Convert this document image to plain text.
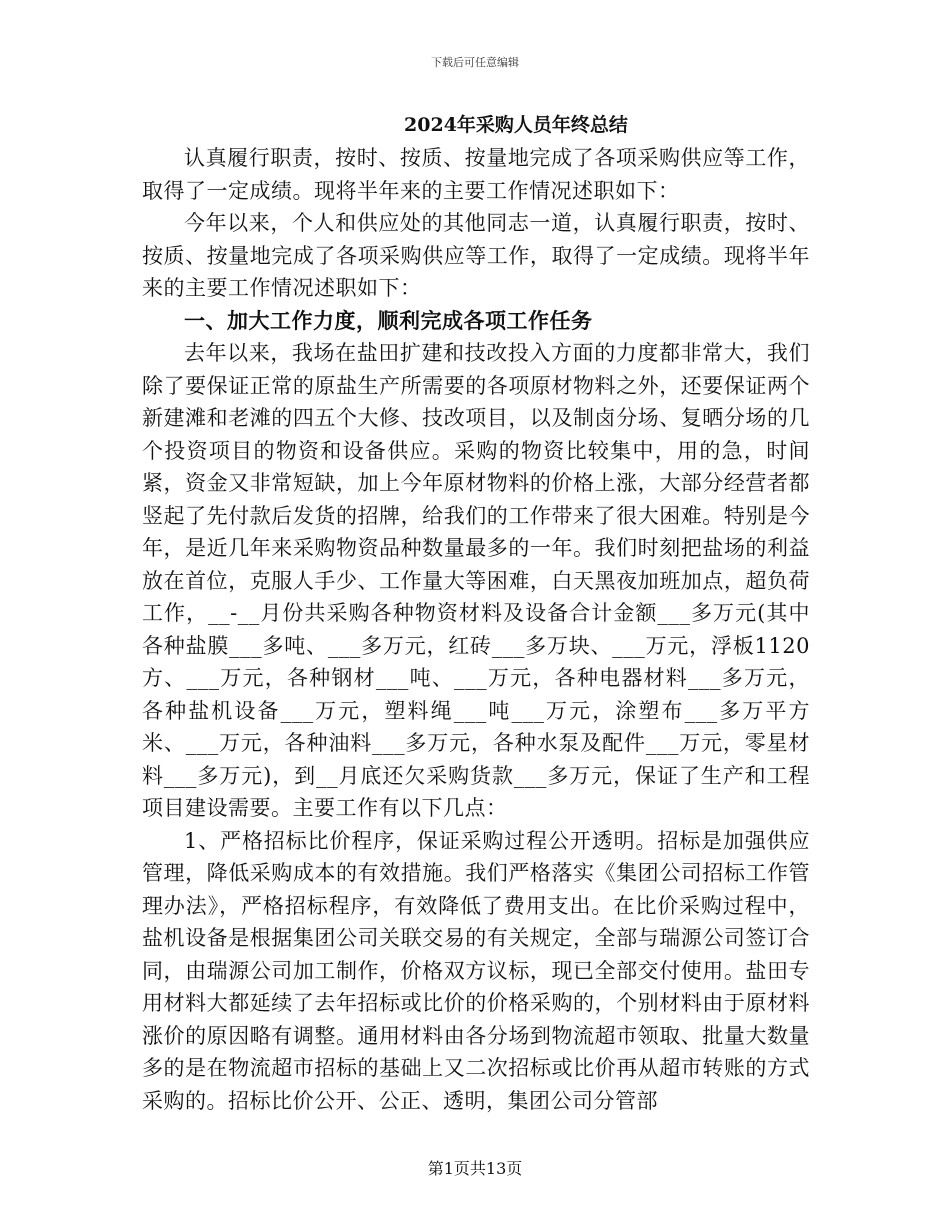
下载后可任意编辑
2024年采购人员年终总结

认真履行职责，按时、按质、按量地完成了各项采购供应等工作，取得了一定成绩。现将半年来的主要工作情况述职如下：

今年以来，个人和供应处的其他同志一道，认真履行职责，按时、按质、按量地完成了各项采购供应等工作，取得了一定成绩。现将半年来的主要工作情况述职如下：

一、加大工作力度，顺利完成各项工作任务

去年以来，我场在盐田扩建和技改投入方面的力度都非常大，我们除了要保证正常的原盐生产所需要的各项原材物料之外，还要保证两个新建滩和老滩的四五个大修、技改项目，以及制卤分场、复晒分场的几个投资项目的物资和设备供应。采购的物资比较集中，用的急，时间紧，资金又非常短缺，加上今年原材物料的价格上涨，大部分经营者都竖起了先付款后发货的招牌，给我们的工作带来了很大困难。特别是今年，是近几年来采购物资品种数量最多的一年。我们时刻把盐场的利益放在首位，克服人手少、工作量大等困难，白天黑夜加班加点，超负荷工作，__-__月份共采购各种物资材料及设备合计金额___多万元(其中各种盐膜___多吨、___多万元，红砖___多万块、___万元，浮板1120方、___万元，各种钢材___吨、___万元，各种电器材料___多万元，各种盐机设备___万元，塑料绳___吨___万元，涂塑布___多万平方米、___万元，各种油料___多万元，各种水泵及配件___万元，零星材料___多万元)，到__月底还欠采购货款___多万元，保证了生产和工程项目建设需要。主要工作有以下几点：

1、严格招标比价程序，保证采购过程公开透明。招标是加强供应管理，降低采购成本的有效措施。我们严格落实《集团公司招标工作管理办法》，严格招标程序，有效降低了费用支出。在比价采购过程中，盐机设备是根据集团公司关联交易的有关规定，全部与瑞源公司签订合同，由瑞源公司加工制作，价格双方议标，现已全部交付使用。盐田专用材料大都延续了去年招标或比价的价格采购的，个别材料由于原材料涨价的原因略有调整。通用材料由各分场到物流超市领取、批量大数量多的是在物流超市招标的基础上又二次招标或比价再从超市转账的方式采购的。招标比价公开、公正、透明，集团公司分管部

第1页共13页
